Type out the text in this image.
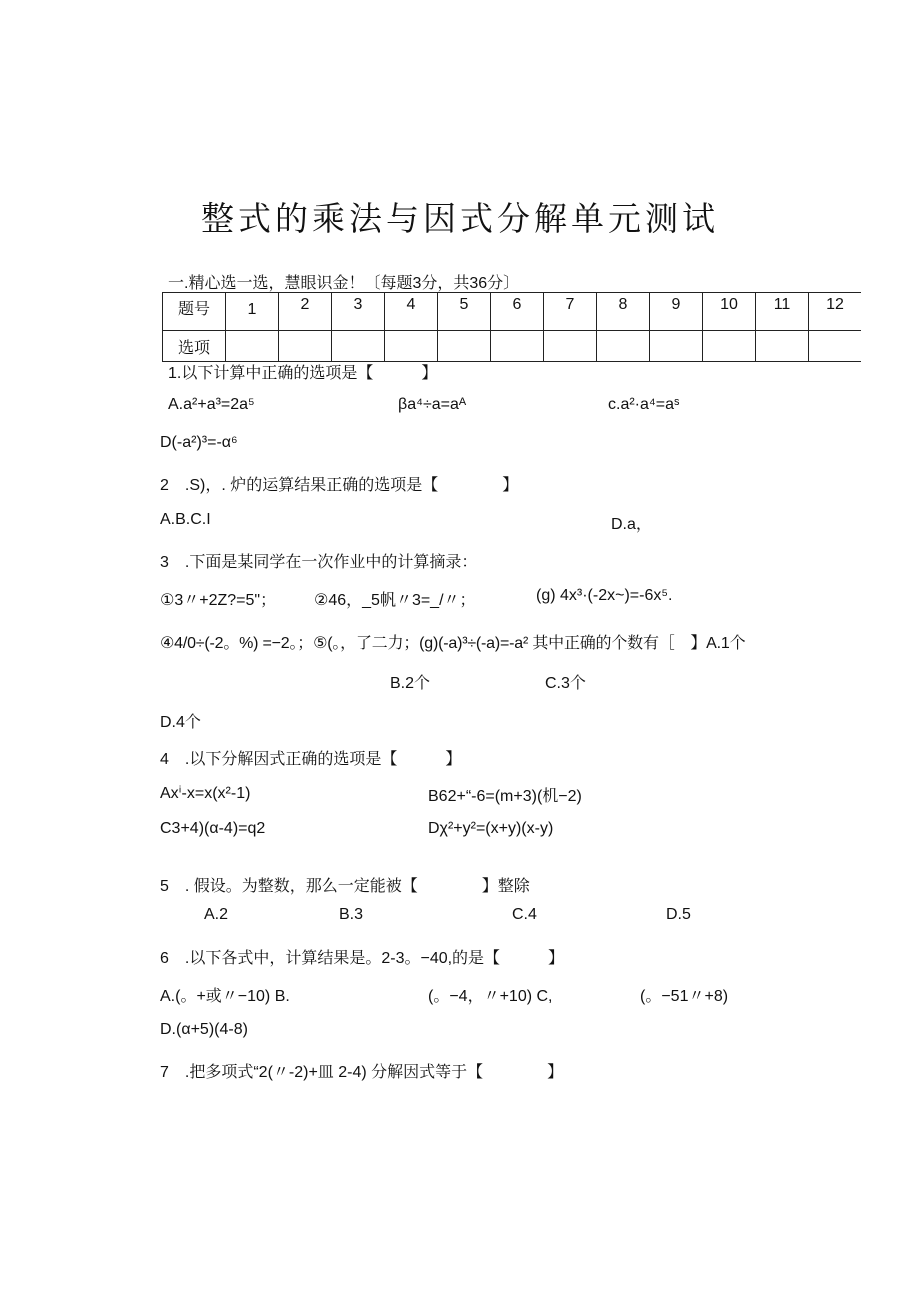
整式的乘法与因式分解单元测试
一.精心选一选，慧眼识金！〔每题3分，共36分〕
题号	1	2	3	4	5	6	7	8	9	10	11	12
选项												
1.以下计算中正确的选项是【　　　】
A.a²+a³=2a⁵	βa⁴÷a=aᴬ	c.a²·a⁴=aˢ
D(-a²)³=-α⁶
2　.S)，. 炉的运算结果正确的选项是【　　　　】
A.B.C.I	D.a，
3　.下面是某同学在一次作业中的计算摘录：
①3〃+2Z?=5"； ②46，_5帆〃3=_/〃；	(g) 4x³·(-2x~)=-6x⁵.
④4/0÷(-2。%) =−2。；⑤(。，了二力；(g)(-a)³÷(-a)=-a² 其中正确的个数有［　】A.1个
B.2个	C.3个
D.4个
4　.以下分解因式正确的选项是【　　　】
Axⁱ-x=x(x²-1)	B62+“-6=(m+3)(机−2)
C3+4)(α-4)=q2	Dχ²+y²=(x+y)(x-y)
5　. 假设。为整数，那么一定能被【　　　　】整除
A.2	B.3	C.4	D.5
6　.以下各式中，计算结果是。2-3。−40,的是【　　　】
A.(。+或〃−10) B.	(。−4，〃+10) C,	(。−51〃+8)
D.(α+5)(4-8)
7　.把多项式“2(〃-2)+皿 2-4) 分解因式等于【　　　　】
